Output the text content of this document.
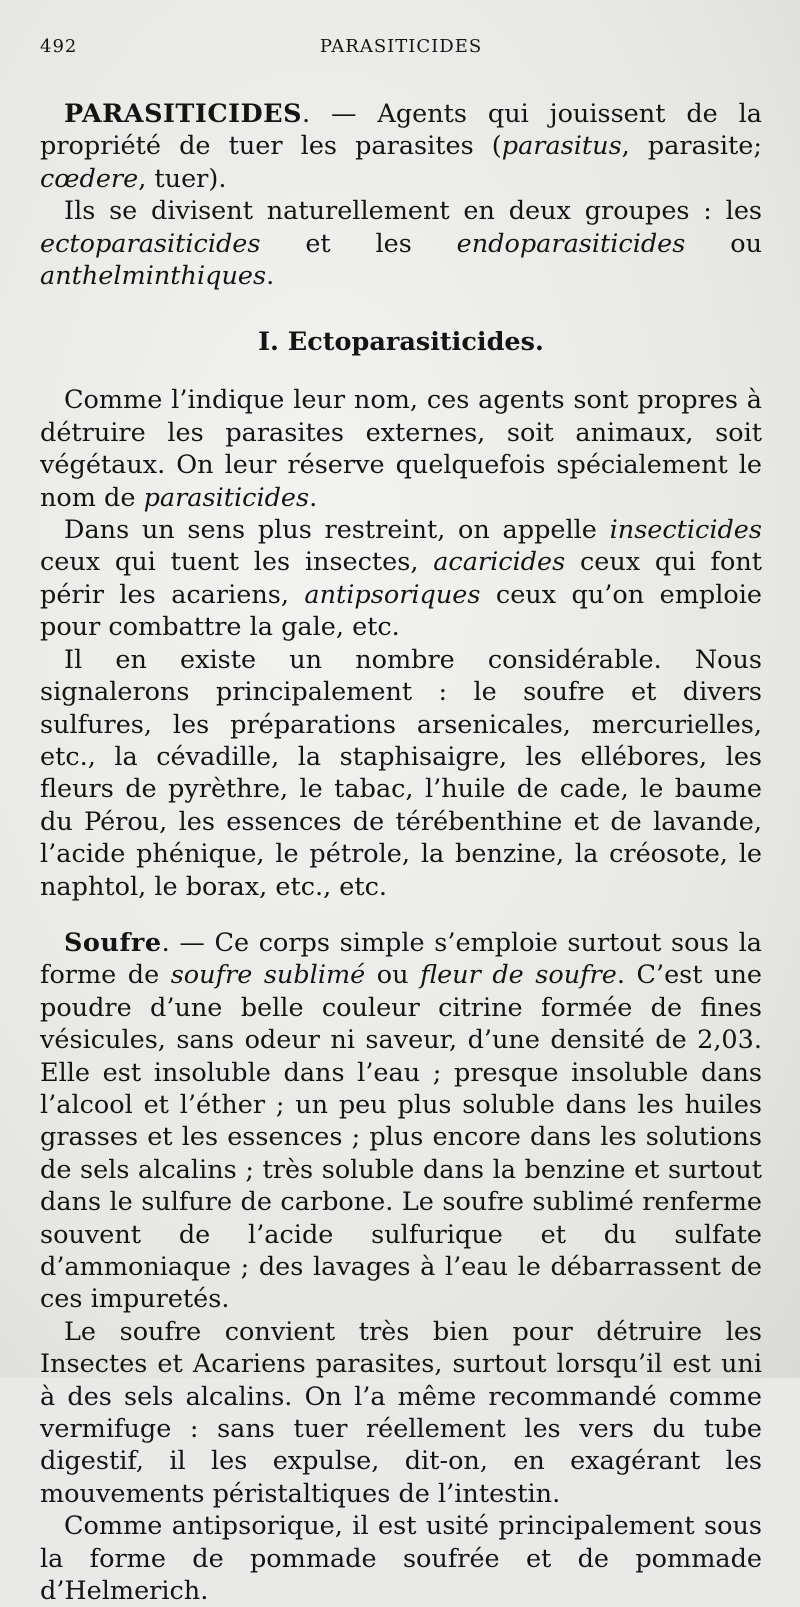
492	PARASITICIDES

PARASITICIDES. — Agents qui jouissent de la propriété de tuer les parasites (parasitus, parasite; cœdere, tuer).

Ils se divisent naturellement en deux groupes : les ectoparasiticides et les endoparasiticides ou anthelminthiques.

I. Ectoparasiticides.

Comme l’indique leur nom, ces agents sont propres à détruire les parasites externes, soit animaux, soit végétaux. On leur réserve quelquefois spécialement le nom de parasiticides.

Dans un sens plus restreint, on appelle insecticides ceux qui tuent les insectes, acaricides ceux qui font périr les acariens, antipsoriques ceux qu’on emploie pour combattre la gale, etc.

Il en existe un nombre considérable. Nous signalerons principalement : le soufre et divers sulfures, les préparations arsenicales, mercurielles, etc., la cévadille, la staphisaigre, les ellébores, les fleurs de pyrèthre, le tabac, l’huile de cade, le baume du Pérou, les essences de térébenthine et de lavande, l’acide phénique, le pétrole, la benzine, la créosote, le naphtol, le borax, etc., etc.

Soufre. — Ce corps simple s’emploie surtout sous la forme de soufre sublimé ou fleur de soufre. C’est une poudre d’une belle couleur citrine formée de fines vésicules, sans odeur ni saveur, d’une densité de 2,03. Elle est insoluble dans l’eau ; presque insoluble dans l’alcool et l’éther ; un peu plus soluble dans les huiles grasses et les essences ; plus encore dans les solutions de sels alcalins ; très soluble dans la benzine et surtout dans le sulfure de carbone. Le soufre sublimé renferme souvent de l’acide sulfurique et du sulfate d’ammoniaque ; des lavages à l’eau le débarrassent de ces impuretés.

Le soufre convient très bien pour détruire les Insectes et Acariens parasites, surtout lorsqu’il est uni à des sels alcalins. On l’a même recommandé comme vermifuge : sans tuer réellement les vers du tube digestif, il les expulse, dit-on, en exagérant les mouvements péristaltiques de l’intestin.

Comme antipsorique, il est usité principalement sous la forme de pommade soufrée et de pommade d’Helmerich.
